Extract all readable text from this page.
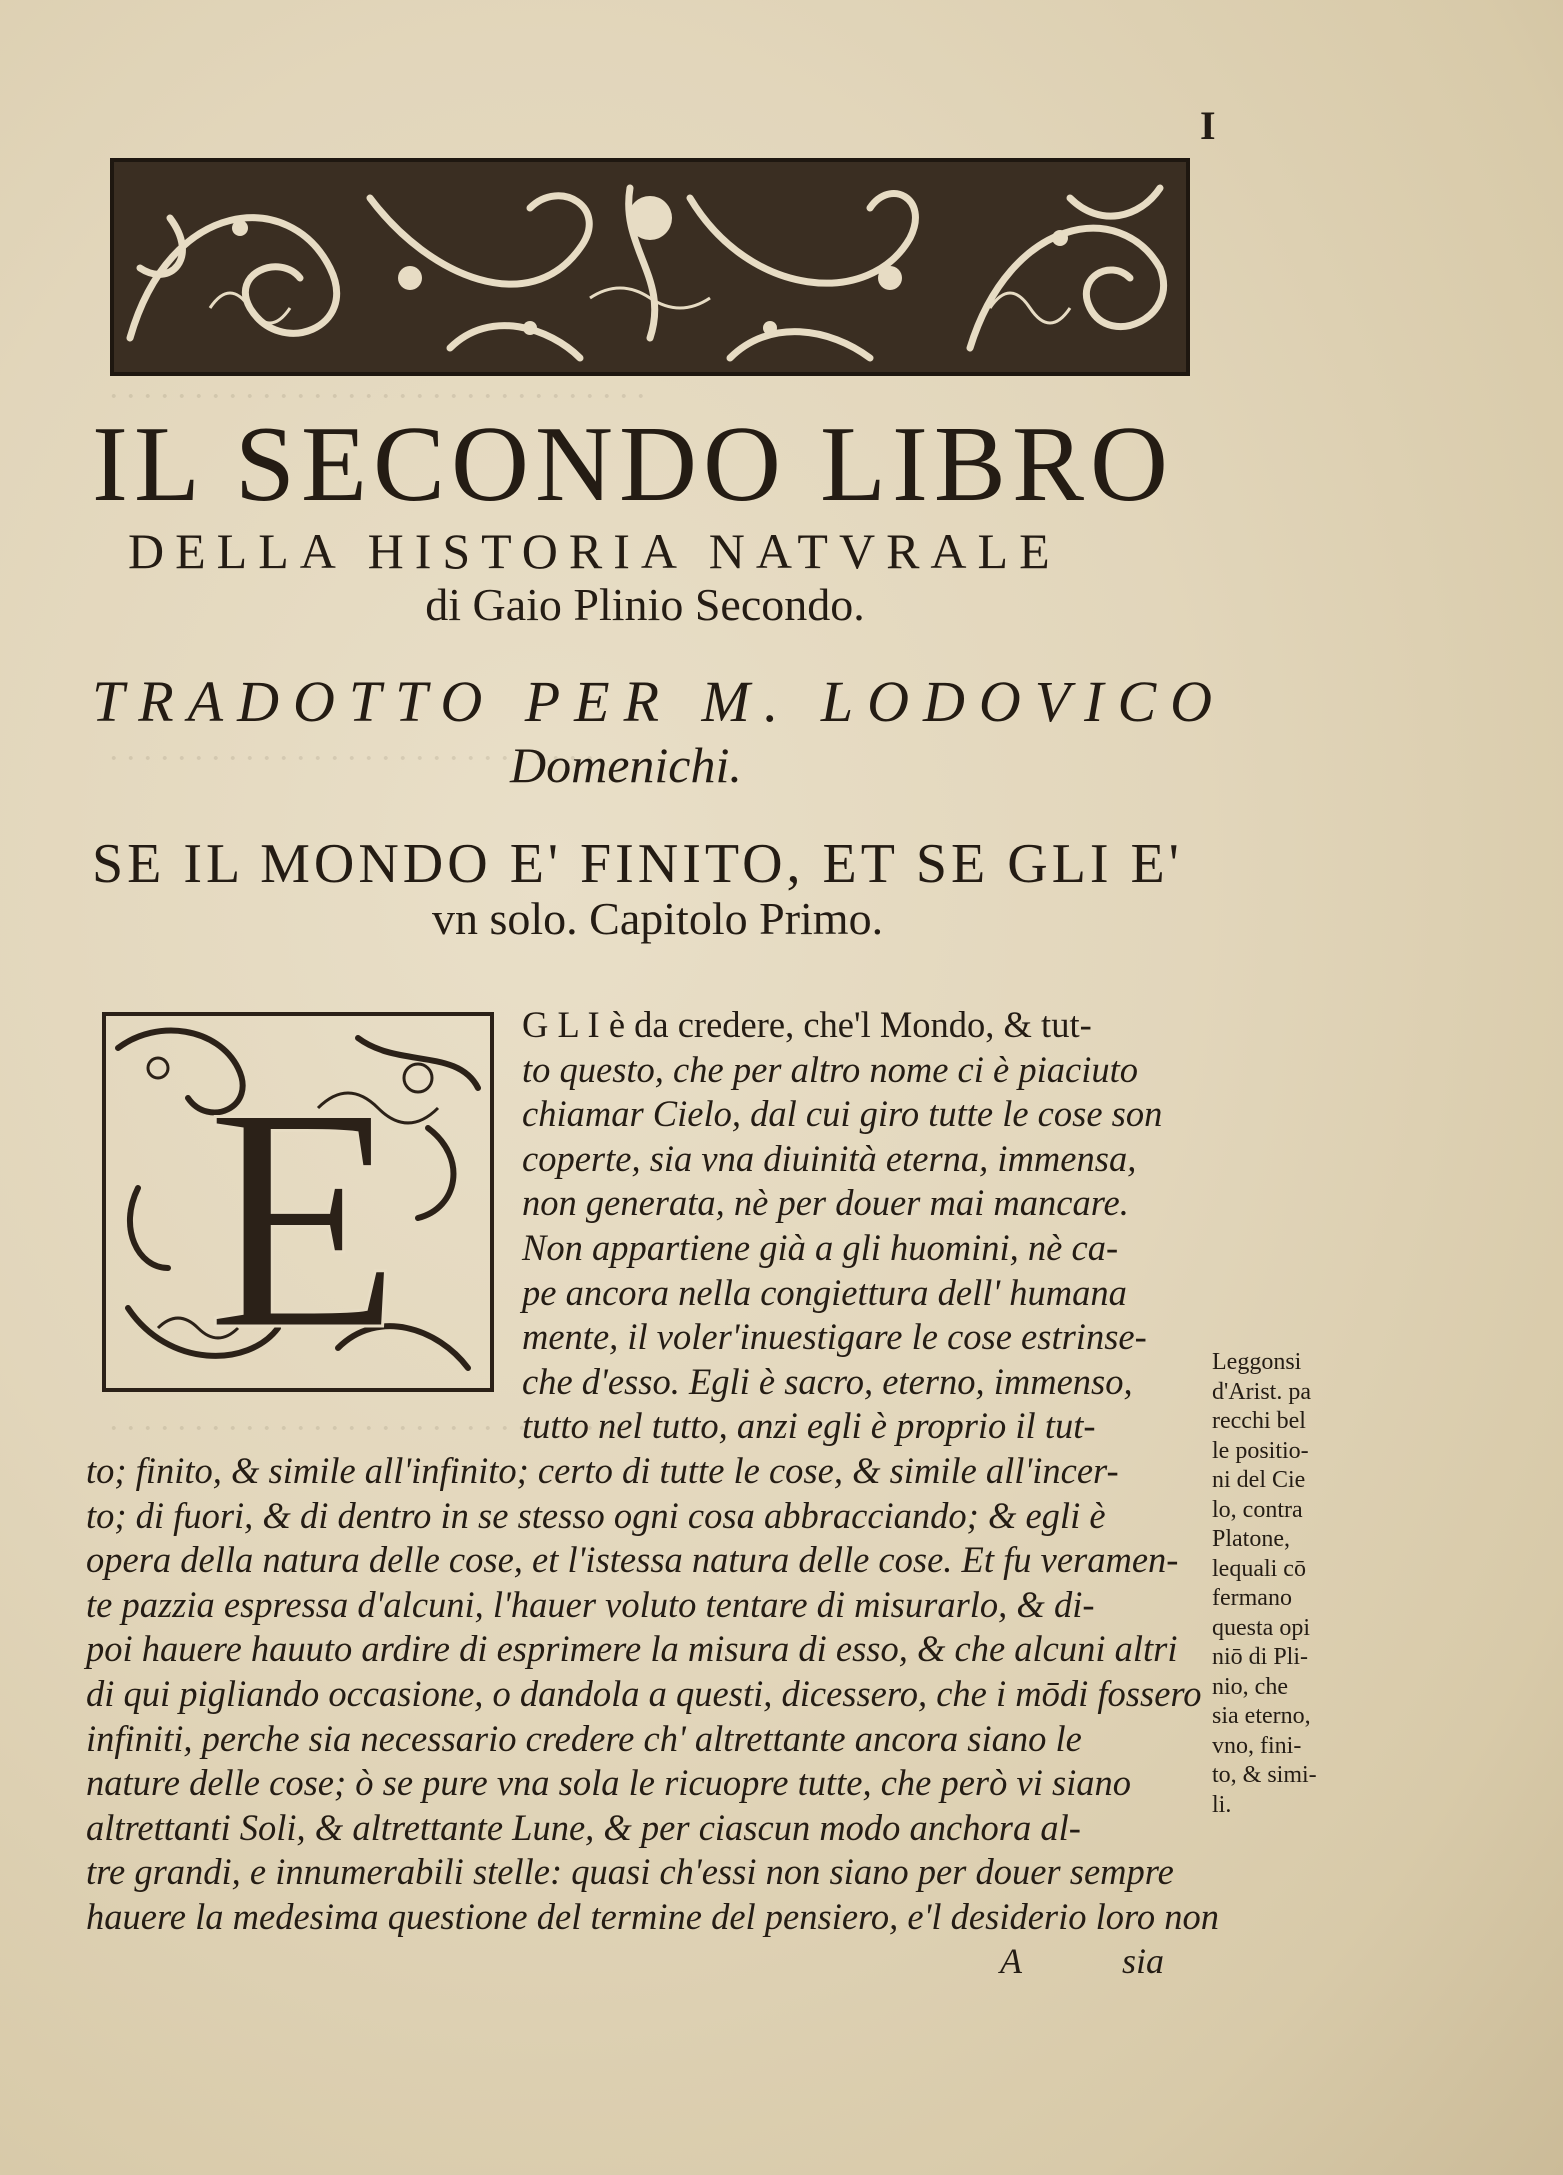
· · · · · · · · · · · · · · · · · · · · · · · · · · · · · · · ·
· · · · · · · · · · · · · · · · · · · · · · · · · · · · ·
· · · · · · · · · · · · · · · · · · · · · · · · · · · · · · ·
I
IL SECONDO LIBRO
DELLA HISTORIA NATVRALE
di Gaio Plinio Secondo.
TRADOTTO PER M. LODOVICO
Domenichi.
SE IL MONDO E' FINITO, ET SE GLI E'
vn solo. Capitolo Primo.
E
G L I è da credere, che'l Mondo, & tut-
to questo, che per altro nome ci è piaciuto
chiamar Cielo, dal cui giro tutte le cose son
coperte, sia vna diuinità eterna, immensa,
non generata, nè per douer mai mancare.
Non appartiene già a gli huomini, nè ca-
pe ancora nella congiettura dell' humana
mente, il voler'inuestigare le cose estrinse-
che d'esso. Egli è sacro, eterno, immenso,
tutto nel tutto, anzi egli è proprio il tut-
to; finito, & simile all'infinito; certo di tutte le cose, & simile all'incer-
to; di fuori, & di dentro in se stesso ogni cosa abbracciando; & egli è
opera della natura delle cose, et l'istessa natura delle cose. Et fu veramen-
te pazzia espressa d'alcuni, l'hauer voluto tentare di misurarlo, & di-
poi hauere hauuto ardire di esprimere la misura di esso, & che alcuni altri
di qui pigliando occasione, o dandola a questi, dicessero, che i mōdi fossero
infiniti, perche sia necessario credere ch' altrettante ancora siano le
nature delle cose; ò se pure vna sola le ricuopre tutte, che però vi siano
altrettanti Soli, & altrettante Lune, & per ciascun modo anchora al-
tre grandi, e innumerabili stelle: quasi ch'essi non siano per douer sempre
hauere la medesima questione del termine del pensiero, e'l desiderio loro non
Leggonsi
d'Arist. pa
recchi bel
le positio-
ni del Cie
lo, contra
Platone,
lequali cō
fermano
questa opi
niō di Pli-
nio, che
sia eterno,
vno, fini-
to, & simi-
li.
A	sia
